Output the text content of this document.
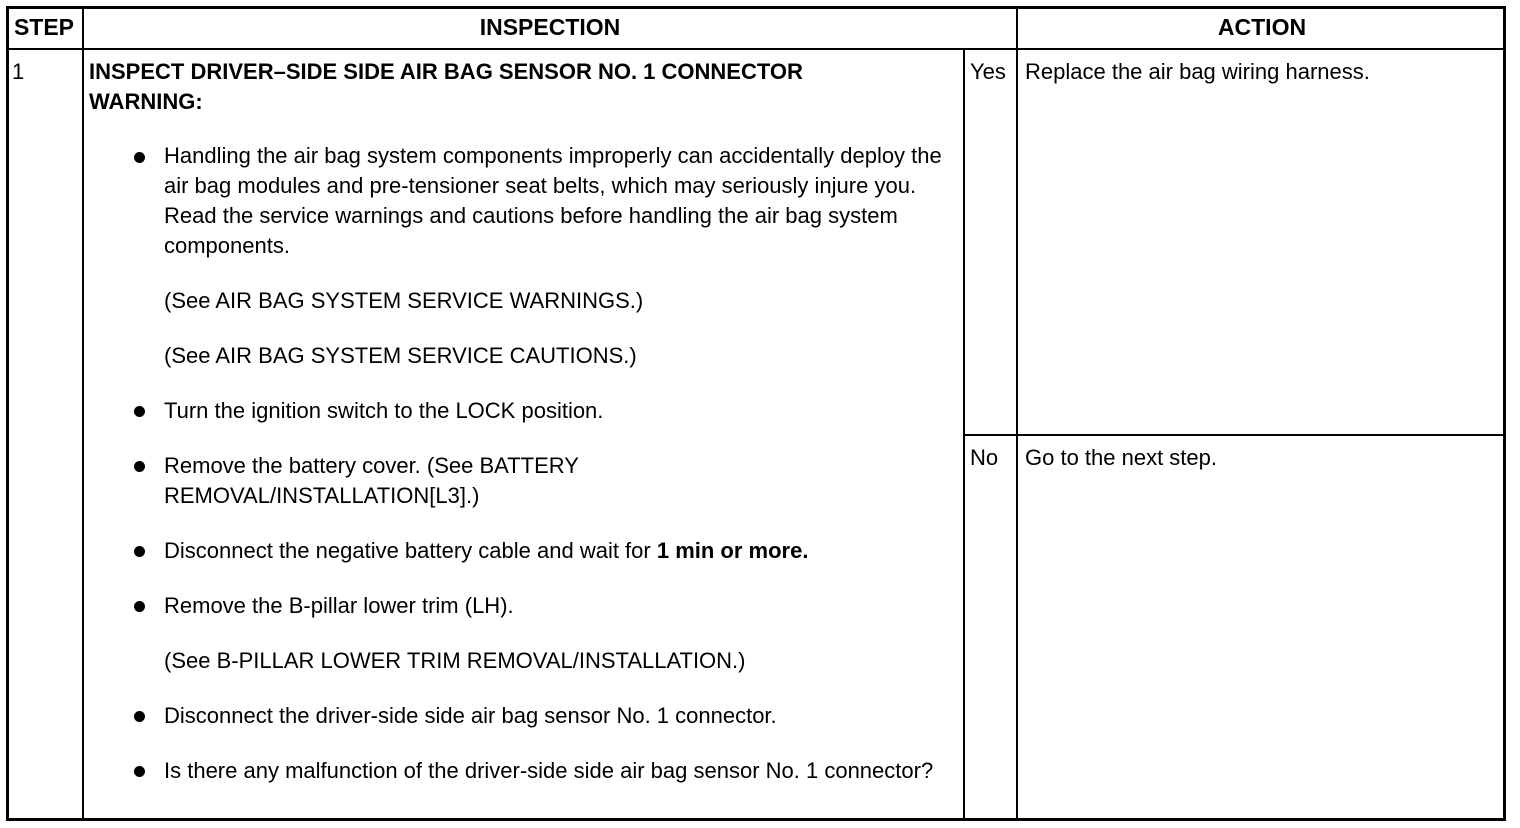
STEP	INSPECTION	ACTION
1	INSPECT DRIVER–SIDE SIDE AIR BAG SENSOR NO. 1 CONNECTOR
WARNING:
Handling the air bag system components improperly can accidentally deploy the air bag modules and pre-tensioner seat belts, which may seriously injure you. Read the service warnings and cautions before handling the air bag system components.
(See AIR BAG SYSTEM SERVICE WARNINGS.)
(See AIR BAG SYSTEM SERVICE CAUTIONS.)
Turn the ignition switch to the LOCK position.
Remove the battery cover. (See BATTERY REMOVAL/INSTALLATION[L3].)
Disconnect the negative battery cable and wait for 1 min or more.
Remove the B-pillar lower trim (LH).
(See B-PILLAR LOWER TRIM REMOVAL/INSTALLATION.)
Disconnect the driver-side side air bag sensor No. 1 connector.
Is there any malfunction of the driver-side side air bag sensor No. 1 connector?
Yes Replace the air bag wiring harness.
No Go to the next step.
